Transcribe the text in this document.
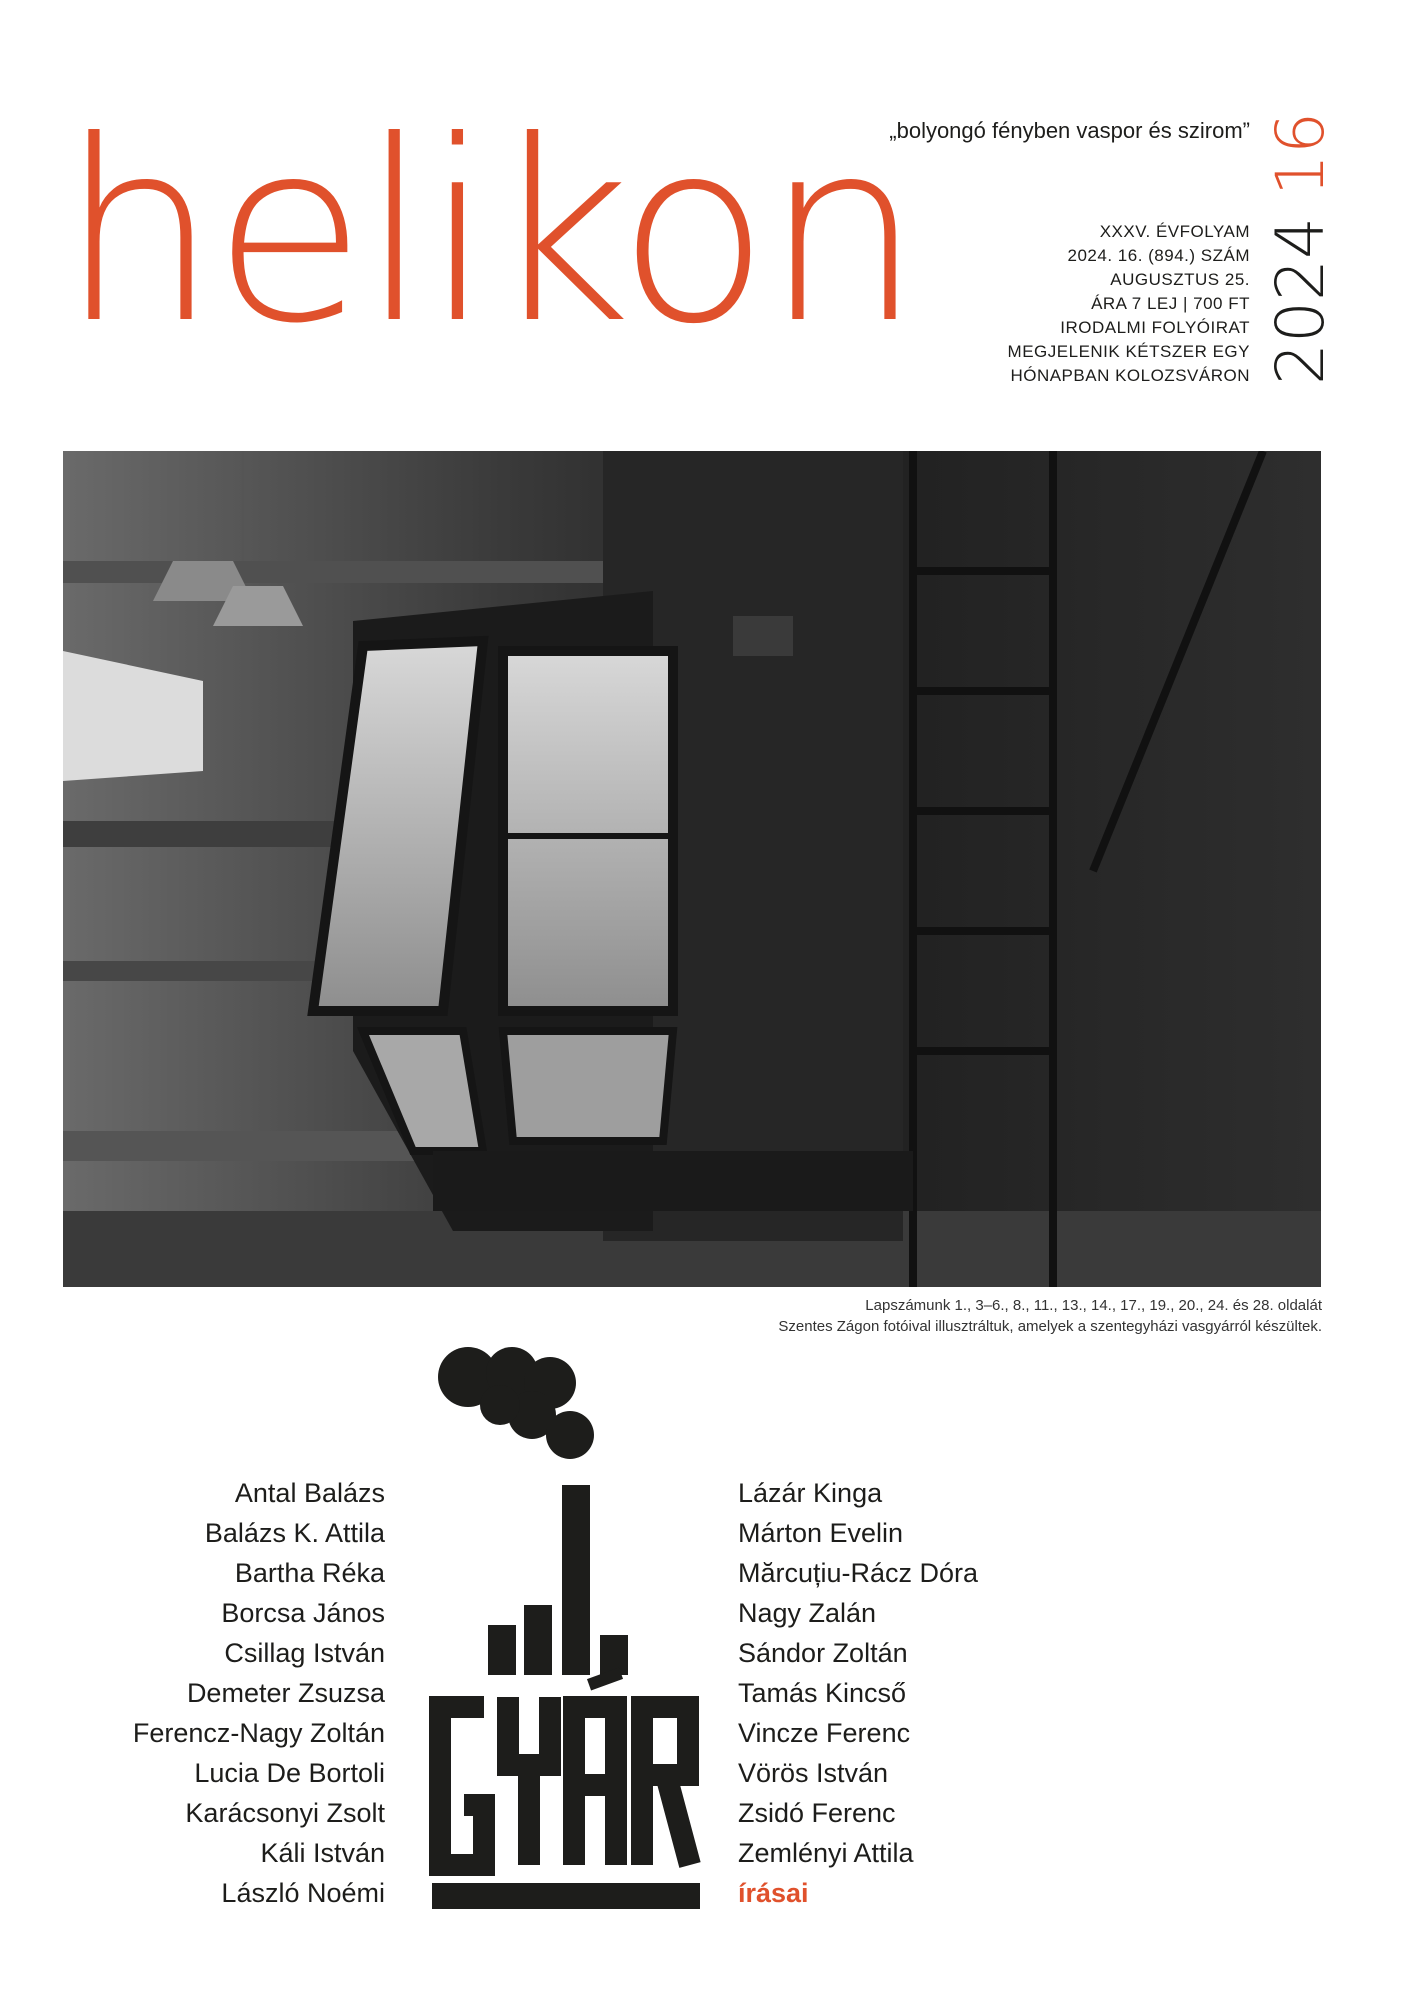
helikon
„bolyongó fényben vaspor és szirom”
XXXV. ÉVFOLYAM
2024. 16. (894.) SZÁM
AUGUSZTUS 25.
ÁRA 7 LEJ | 700 FT
IRODALMI FOLYÓIRAT
MEGJELENIK KÉTSZER EGY
HÓNAPBAN KOLOZSVÁRON 2024 16
Lapszámunk 1., 3–6., 8., 11., 13., 14., 17., 19., 20., 24. és 28. oldalát
Szentes Zágon fotóival illusztráltuk, amelyek a szentegyházi vasgyárról készültek.
Antal Balázs
Balázs K. Attila
Bartha Réka
Borcsa János
Csillag István
Demeter Zsuzsa
Ferencz-Nagy Zoltán
Lucia De Bortoli
Karácsonyi Zsolt
Káli István
László Noémi
GYÁR
Lázár Kinga
Márton Evelin
Mărcuțiu-Rácz Dóra
Nagy Zalán
Sándor Zoltán
Tamás Kincső
Vincze Ferenc
Vörös István
Zsidó Ferenc
Zemlényi Attila
írásai
